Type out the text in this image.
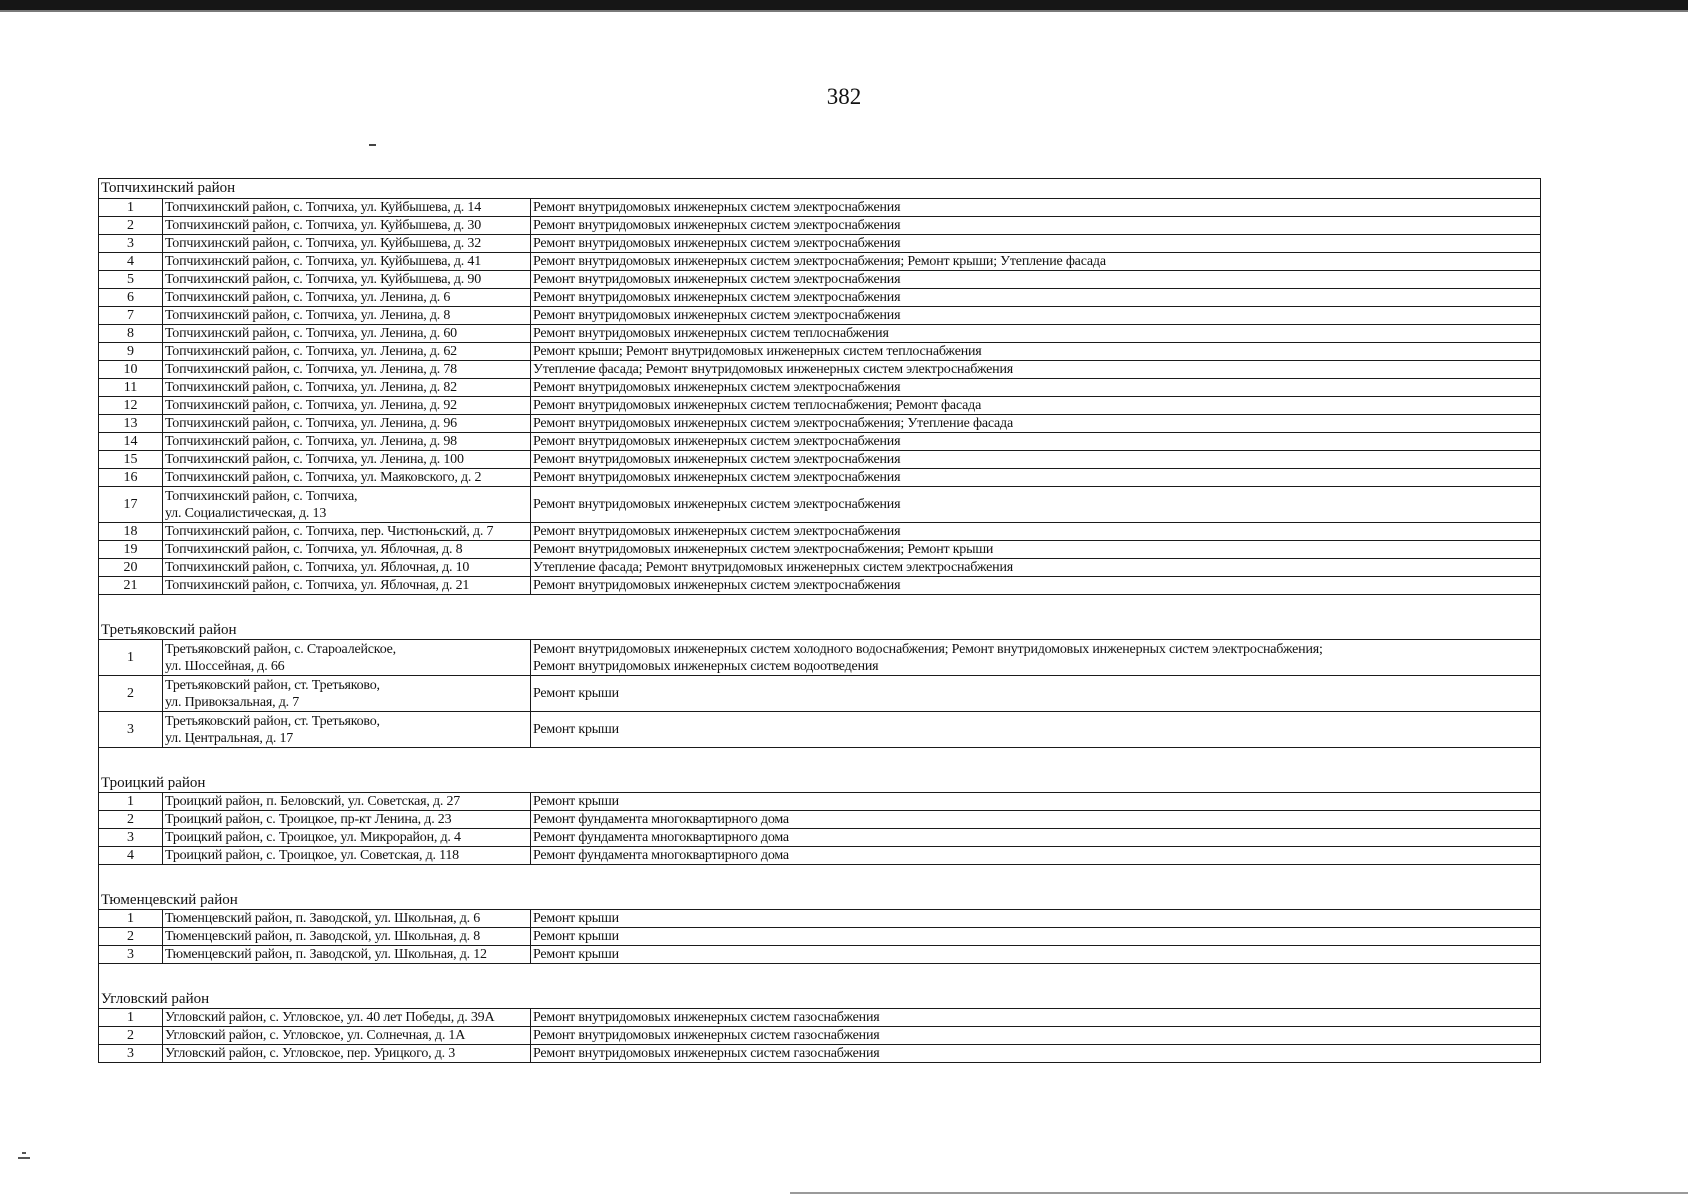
382
Топчихинский район		
1	Топчихинский район, с. Топчиха, ул. Куйбышева, д. 14	Ремонт внутридомовых инженерных систем электроснабжения
2	Топчихинский район, с. Топчиха, ул. Куйбышева, д. 30	Ремонт внутридомовых инженерных систем электроснабжения
3	Топчихинский район, с. Топчиха, ул. Куйбышева, д. 32	Ремонт внутридомовых инженерных систем электроснабжения
4	Топчихинский район, с. Топчиха, ул. Куйбышева, д. 41	Ремонт внутридомовых инженерных систем электроснабжения; Ремонт крыши; Утепление фасада
5	Топчихинский район, с. Топчиха, ул. Куйбышева, д. 90	Ремонт внутридомовых инженерных систем электроснабжения
6	Топчихинский район, с. Топчиха, ул. Ленина, д. 6	Ремонт внутридомовых инженерных систем электроснабжения
7	Топчихинский район, с. Топчиха, ул. Ленина, д. 8	Ремонт внутридомовых инженерных систем электроснабжения
8	Топчихинский район, с. Топчиха, ул. Ленина, д. 60	Ремонт внутридомовых инженерных систем теплоснабжения
9	Топчихинский район, с. Топчиха, ул. Ленина, д. 62	Ремонт крыши; Ремонт внутридомовых инженерных систем теплоснабжения
10	Топчихинский район, с. Топчиха, ул. Ленина, д. 78	Утепление фасада; Ремонт внутридомовых инженерных систем электроснабжения
11	Топчихинский район, с. Топчиха, ул. Ленина, д. 82	Ремонт внутридомовых инженерных систем электроснабжения
12	Топчихинский район, с. Топчиха, ул. Ленина, д. 92	Ремонт внутридомовых инженерных систем теплоснабжения; Ремонт фасада
13	Топчихинский район, с. Топчиха, ул. Ленина, д. 96	Ремонт внутридомовых инженерных систем электроснабжения; Утепление фасада
14	Топчихинский район, с. Топчиха, ул. Ленина, д. 98	Ремонт внутридомовых инженерных систем электроснабжения
15	Топчихинский район, с. Топчиха, ул. Ленина, д. 100	Ремонт внутридомовых инженерных систем электроснабжения
16	Топчихинский район, с. Топчиха, ул. Маяковского, д. 2	Ремонт внутридомовых инженерных систем электроснабжения
17	Топчихинский район, с. Топчиха,
ул. Социалистическая, д. 13	Ремонт внутридомовых инженерных систем электроснабжения
18	Топчихинский район, с. Топчиха, пер. Чистюньский, д. 7	Ремонт внутридомовых инженерных систем электроснабжения
19	Топчихинский район, с. Топчиха, ул. Яблочная, д. 8	Ремонт внутридомовых инженерных систем электроснабжения; Ремонт крыши
20	Топчихинский район, с. Топчиха, ул. Яблочная, д. 10	Утепление фасада; Ремонт внутридомовых инженерных систем электроснабжения
21	Топчихинский район, с. Топчиха, ул. Яблочная, д. 21	Ремонт внутридомовых инженерных систем электроснабжения

Третьяковский район		
1	Третьяковский район, с. Староалейское,
ул. Шоссейная, д. 66	Ремонт внутридомовых инженерных систем холодного водоснабжения; Ремонт внутридомовых инженерных систем электроснабжения;
Ремонт внутридомовых инженерных систем водоотведения
2	Третьяковский район, ст. Третьяково,
ул. Привокзальная, д. 7	Ремонт крыши
3	Третьяковский район, ст. Третьяково,
ул. Центральная, д. 17	Ремонт крыши

Троицкий район		
1	Троицкий район, п. Беловский, ул. Советская, д. 27	Ремонт крыши
2	Троицкий район, с. Троицкое, пр-кт Ленина, д. 23	Ремонт фундамента многоквартирного дома
3	Троицкий район, с. Троицкое, ул. Микрорайон, д. 4	Ремонт фундамента многоквартирного дома
4	Троицкий район, с. Троицкое, ул. Советская, д. 118	Ремонт фундамента многоквартирного дома

Тюменцевский район		
1	Тюменцевский район, п. Заводской, ул. Школьная, д. 6	Ремонт крыши
2	Тюменцевский район, п. Заводской, ул. Школьная, д. 8	Ремонт крыши
3	Тюменцевский район, п. Заводской, ул. Школьная, д. 12	Ремонт крыши

Угловский район		
1	Угловский район, с. Угловское, ул. 40 лет Победы, д. 39А	Ремонт внутридомовых инженерных систем газоснабжения
2	Угловский район, с. Угловское, ул. Солнечная, д. 1А	Ремонт внутридомовых инженерных систем газоснабжения
3	Угловский район, с. Угловское, пер. Урицкого, д. 3	Ремонт внутридомовых инженерных систем газоснабжения
